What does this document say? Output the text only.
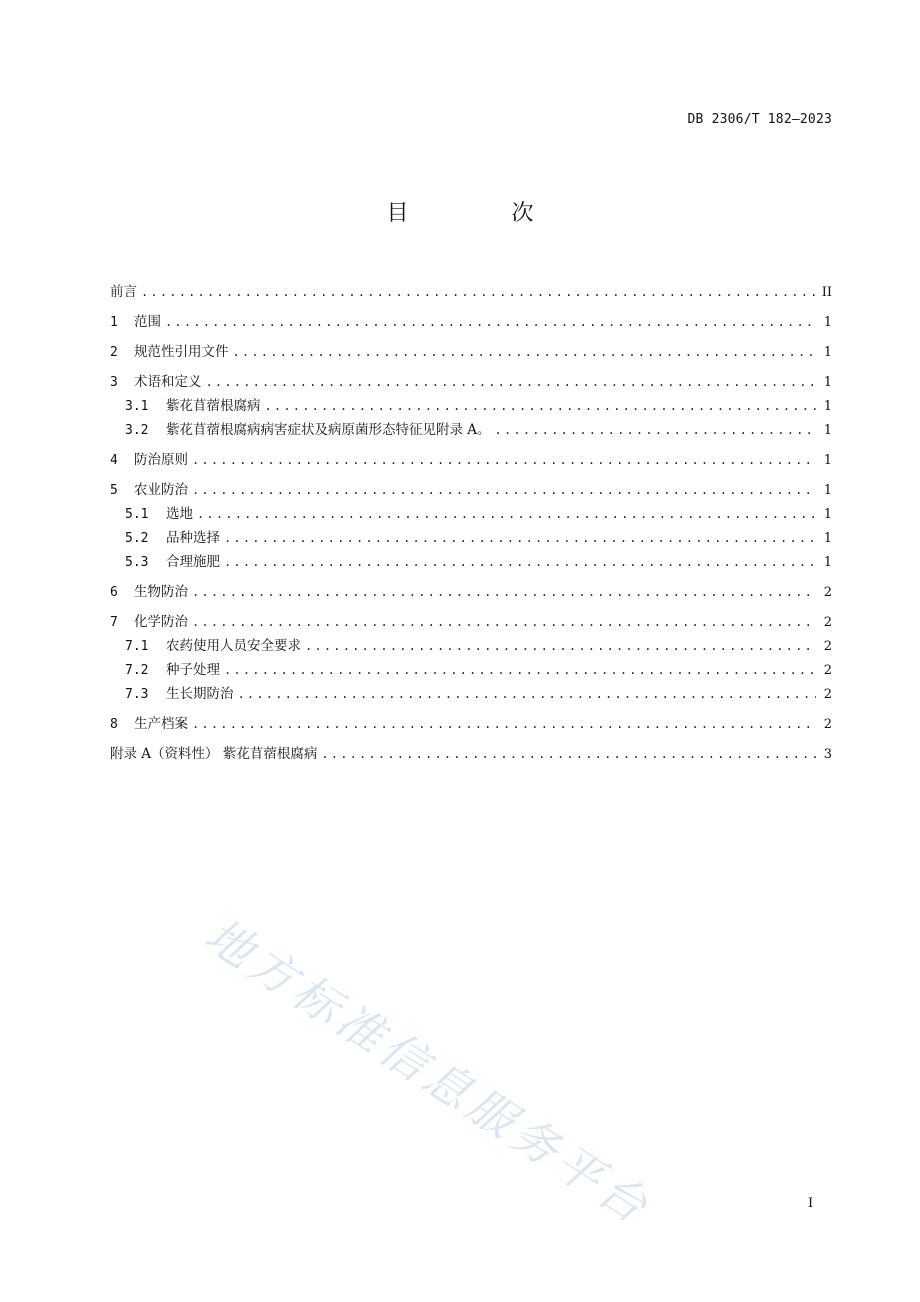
DB 2306/T 182—2023
目 次
前言 .....	II
1	范围 .....	1
2	规范性引用文件 .....	1
3	术语和定义 .....	1
3.1	紫花苜蓿根腐病 .....	1
3.2	紫花苜蓿根腐病病害症状及病原菌形态特征见附录 A。 .....	1
4	防治原则 .....	1
5	农业防治 .....	1
5.1	选地 .....	1
5.2	品种选择 .....	1
5.3	合理施肥 .....	1
6	生物防治 .....	2
7	化学防治 .....	2
7.1	农药使用人员安全要求 .....	2
7.2	种子处理 .....	2
7.3	生长期防治 .....	2
8	生产档案 .....	2
附录 A（资料性） 紫花苜蓿根腐病 .....	3
地方标准信息服务平台	I
